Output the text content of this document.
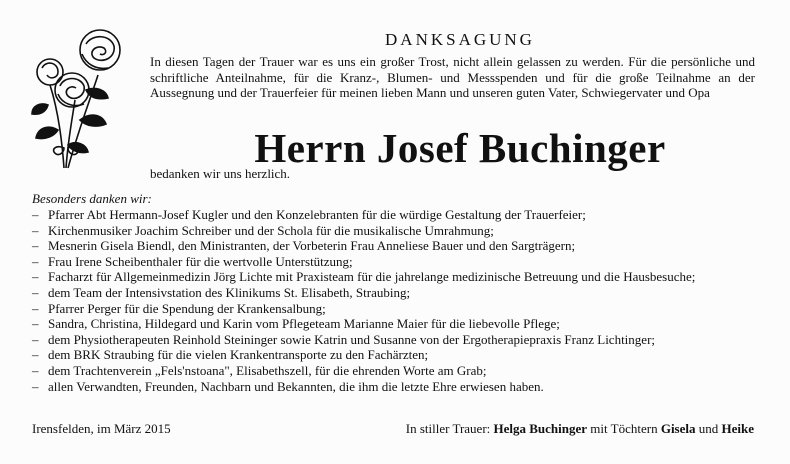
DANKSAGUNG
In diesen Tagen der Trauer war es uns ein großer Trost, nicht allein gelassen zu werden. Für die persönliche und schriftliche Anteilnahme, für die Kranz-, Blumen- und Messspenden und für die große Teilnahme an der Aussegnung und der Trauerfeier für meinen lieben Mann und unseren guten Vater, Schwiegervater und Opa
Herrn Josef Buchinger
bedanken wir uns herzlich.
Besonders danken wir:
– Pfarrer Abt Hermann-Josef Kugler und den Konzelebranten für die würdige Gestaltung der Trauerfeier;
– Kirchenmusiker Joachim Schreiber und der Schola für die musikalische Umrahmung;
– Mesnerin Gisela Biendl, den Ministranten, der Vorbeterin Frau Anneliese Bauer und den Sargträgern;
– Frau Irene Scheibenthaler für die wertvolle Unterstützung;
– Facharzt für Allgemeinmedizin Jörg Lichte mit Praxisteam für die jahrelange medizinische Betreuung und die Hausbesuche;
– dem Team der Intensivstation des Klinikums St. Elisabeth, Straubing;
– Pfarrer Perger für die Spendung der Krankensalbung;
– Sandra, Christina, Hildegard und Karin vom Pflegeteam Marianne Maier für die liebevolle Pflege;
– dem Physiotherapeuten Reinhold Steininger sowie Katrin und Susanne von der Ergotherapiepraxis Franz Lichtinger;
– dem BRK Straubing für die vielen Krankentransporte zu den Fachärzten;
– dem Trachtenverein „Fels'nstoana", Elisabethszell, für die ehrenden Worte am Grab;
– allen Verwandten, Freunden, Nachbarn und Bekannten, die ihm die letzte Ehre erwiesen haben.
Irensfelden, im März 2015	In stiller Trauer: Helga Buchinger mit Töchtern Gisela und Heike
